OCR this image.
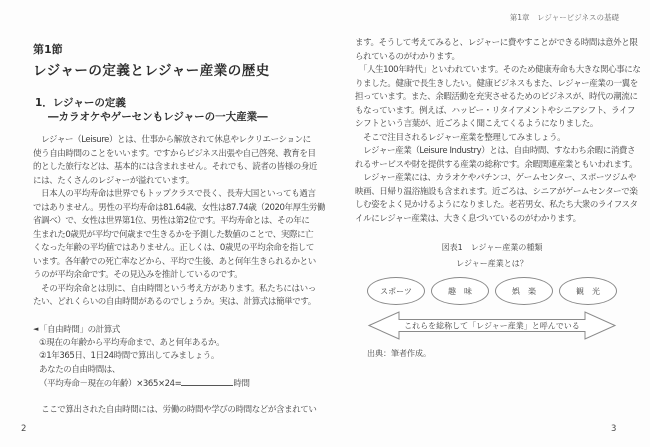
第1節
レジャーの定義とレジャー産業の歴史
1．レジャーの定義
―カラオケやゲーセンもレジャーの一大産業―
　レジャー（Leisure）とは、仕事から解放されて休息やレクリエーションに
使う自由時間のことをいいます。ですからビジネス出張や自己啓発、教育を目
的とした旅行などは、基本的には含まれません。それでも、読者の皆様の身近
には、たくさんのレジャーが溢れています。
　日本人の平均寿命は世界でもトップクラスで長く、長寿大国といっても過言
ではありません。男性の平均寿命は81.64歳、女性は87.74歳（2020年厚生労働
省調べ）で、女性は世界第1位、男性は第2位です。平均寿命とは、その年に
生まれた0歳児が平均で何歳まで生きるかを予測した数値のことで、実際に亡
くなった年齢の平均値ではありません。正しくは、0歳児の平均余命を指して
います。各年齢での死亡率などから、平均で生後、あと何年生きられるかとい
うのが平均余命です。その見込みを推計しているのです。
　その平均余命とは別に、自由時間という考え方があります。私たちにはいっ
たい、どれくらいの自由時間があるのでしょうか。実は、計算式は簡単です。
◄「自由時間」の計算式
①現在の年齢から平均寿命まで、あと何年あるか。
②1年365日、1日24時間で算出してみましょう。
あなたの自由時間は、
（平均寿命－現在の年齢）×365×24=	時間
　ここで算出された自由時間には、労働の時間や学びの時間などが含まれてい
第1章　レジャービジネスの基礎
ます。そうして考えてみると、レジャーに費やすことができる時間は意外と限
られているのがわかります。
　「人生100年時代」といわれています。そのため健康寿命も大きな関心事にな
りました。健康で長生きしたい。健康ビジネスもまた、レジャー産業の一翼を
担っています。また、余暇活動を充実させるためのビジネスが、時代の潮流に
もなっています。例えば、ハッピー・リタイアメントやシニアシフト、ライフ
シフトという言葉が、近ごろよく聞こえてくるようになりました。
　そこで注目されるレジャー産業を整理してみましょう。
　レジャー産業（Leisure Industry）とは、自由時間、すなわち余暇に消費さ
れるサービスや財を提供する産業の総称です。余暇関連産業ともいわれます。
　レジャー産業には、カラオケやパチンコ、ゲームセンター、スポーツジムや
映画、日帰り温浴施設も含まれます。近ごろは、シニアがゲームセンターで楽
しむ姿をよく見かけるようになりました。老若男女、私たち大衆のライフスタ
イルにレジャー産業は、大きく息づいているのがわかります。
図表1　レジャー産業の種類
レジャー産業とは？
スポーツ	趣　味	娯　楽	観　光
これらを総称して「レジャー産業」と呼んでいる
出典：筆者作成。
2	3
